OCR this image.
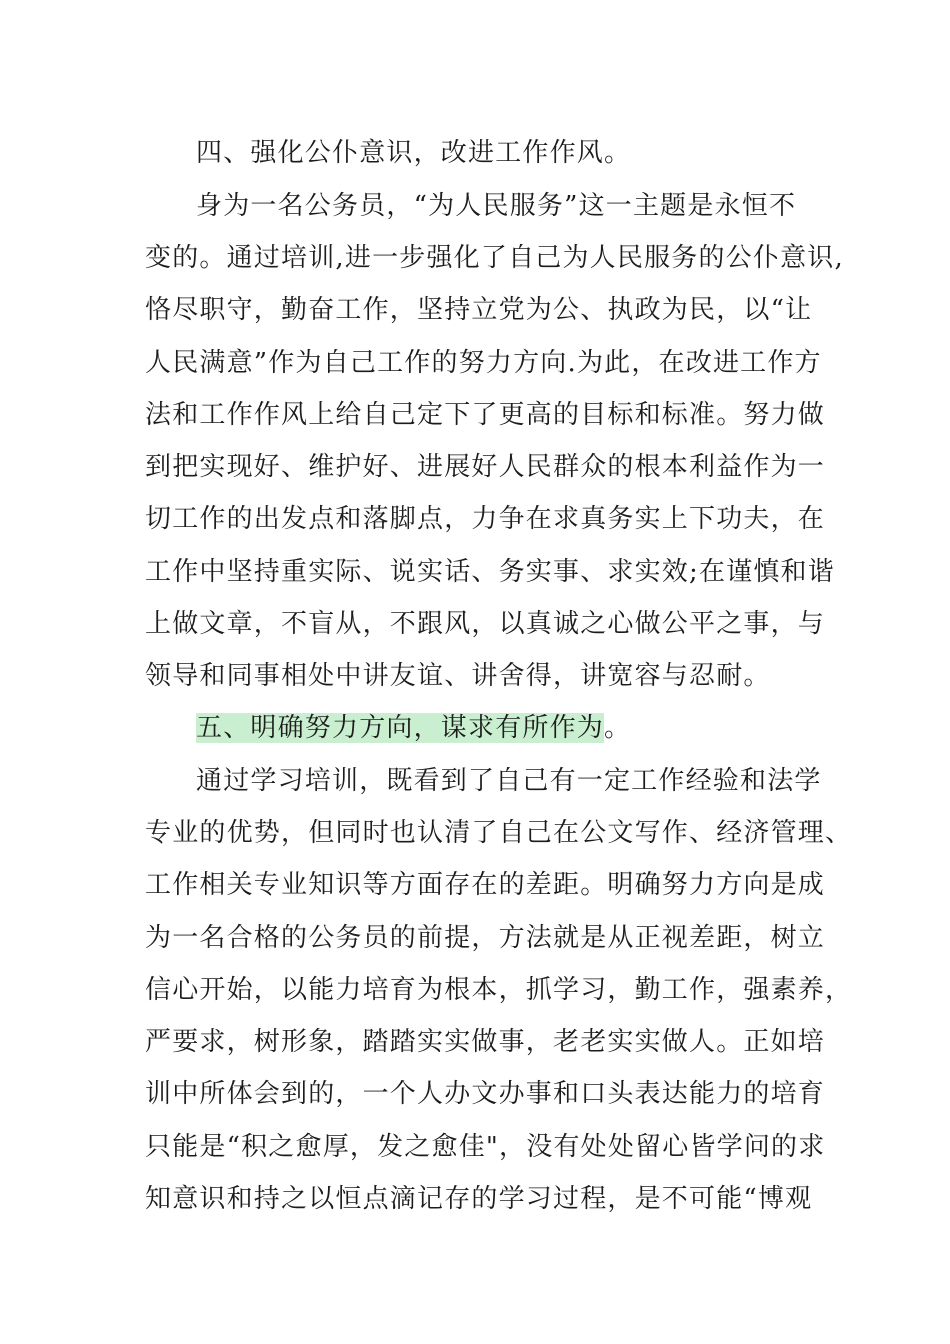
四、强化公仆意识，改进工作作风。
身为一名公务员，“为人民服务”这一主题是永恒不
变的。通过培训,进一步强化了自己为人民服务的公仆意识,
恪尽职守，勤奋工作，坚持立党为公、执政为民，以“让
人民满意”作为自己工作的努力方向.为此，在改进工作方
法和工作作风上给自己定下了更高的目标和标准。努力做
到把实现好、维护好、进展好人民群众的根本利益作为一
切工作的出发点和落脚点，力争在求真务实上下功夫，在
工作中坚持重实际、说实话、务实事、求实效;在谨慎和谐
上做文章，不盲从，不跟风，以真诚之心做公平之事，与
领导和同事相处中讲友谊、讲舍得，讲宽容与忍耐。
五、明确努力方向，谋求有所作为。
通过学习培训，既看到了自己有一定工作经验和法学
专业的优势，但同时也认清了自己在公文写作、经济管理、
工作相关专业知识等方面存在的差距。明确努力方向是成
为一名合格的公务员的前提，方法就是从正视差距，树立
信心开始，以能力培育为根本，抓学习，勤工作，强素养，
严要求，树形象，踏踏实实做事，老老实实做人。正如培
训中所体会到的，一个人办文办事和口头表达能力的培育
只能是“积之愈厚，发之愈佳"，没有处处留心皆学问的求
知意识和持之以恒点滴记存的学习过程，是不可能“博观
